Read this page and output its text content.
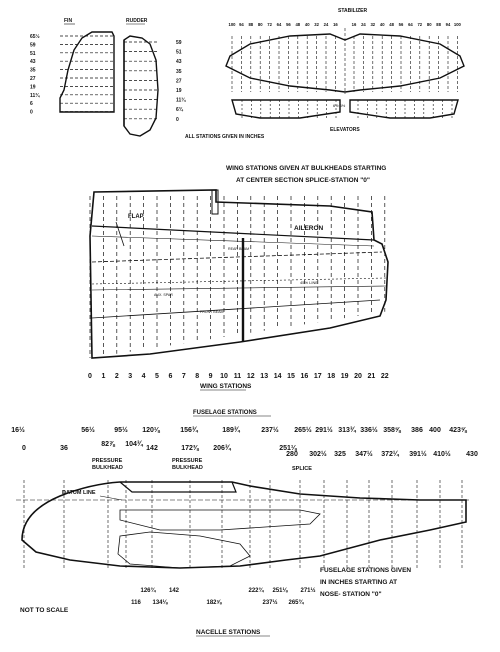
FIN	RUDDER
65½
59
51
43
35
27
19
11¾
6
0
59
51
43
35
27
19
11¾
6¾
0
ALL STATIONS GIVEN IN INCHES
STABILIZER
100 94 88 80 72 64 56 48 40 32 24 16	16 24 32 40 48 56 64 72 80 88 94 100
6½ 6½
ELEVATORS
WING STATIONS GIVEN AT BULKHEADS STARTING
AT CENTER SECTION SPLICE-STATION "0"
FLAP
AILERON
REAR BEAM
AUX. SPAR
FRONT BEAM
45% LINE
0 1 2 3 4 5 6 7 8 9 10 11 12 13 14 15 16 17 18 19 20 21 22
WING STATIONS
FUSELAGE STATIONS
16½	56½	95½ 120⅛	156¾	189¾	237½ 265½ 291½ 313¾ 336½ 358⅝ 386 400 423⅝
0	36
82⅞ 104¾
142	172⅜ 206¾	251⅛
280 302½ 325 347½ 372¼ 391½ 410½ 430
PRESSURE BULKHEAD
PRESSURE BULKHEAD	SPLICE
DATUM LINE
116
126¾
134⅛
142
182⅝
222¾
237½
251⅛
265¾
271½
FUSELAGE STATIONS GIVEN
IN INCHES STARTING AT
NOSE- STATION "0"
NOT TO SCALE
NACELLE STATIONS
